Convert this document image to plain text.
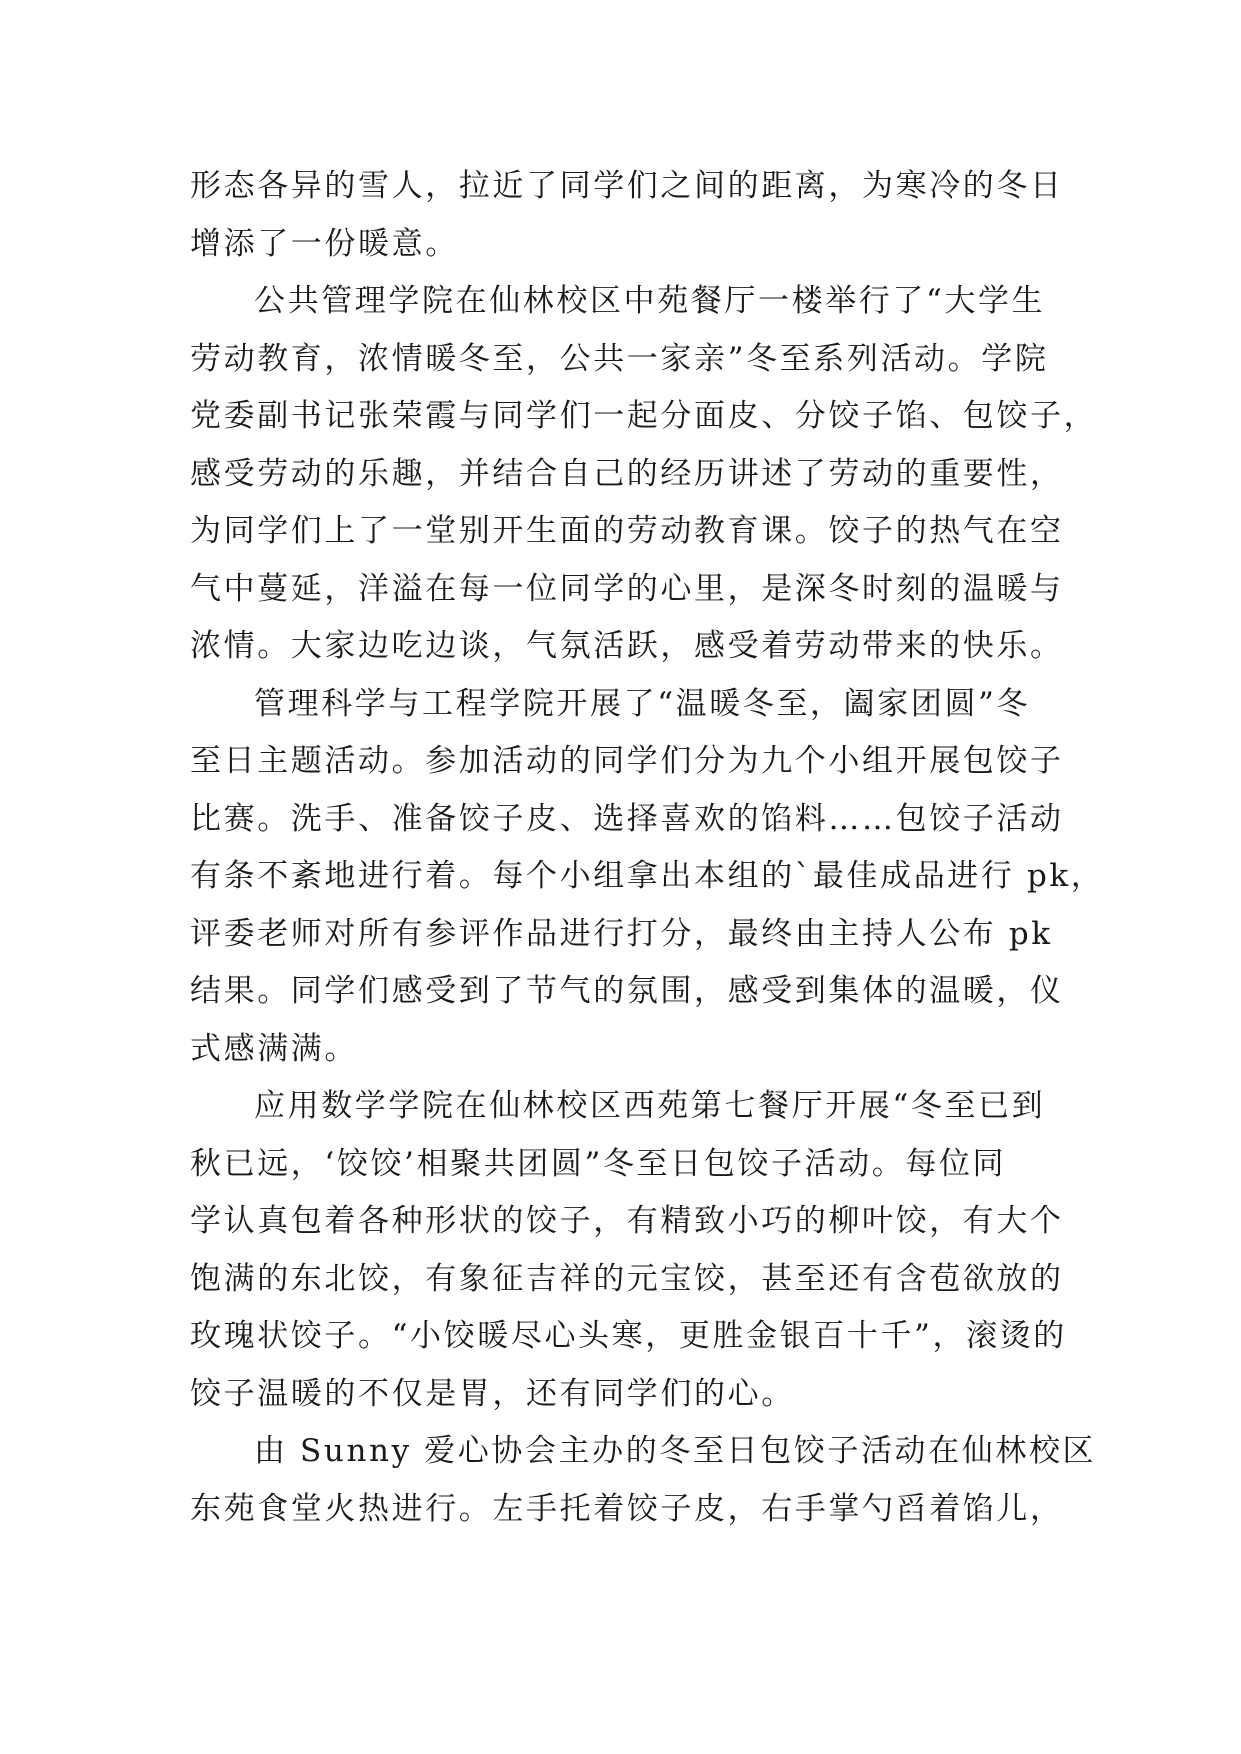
形态各异的雪人，拉近了同学们之间的距离，为寒冷的冬日
增添了一份暖意。
公共管理学院在仙林校区中苑餐厅一楼举行了“大学生
劳动教育，浓情暖冬至，公共一家亲”冬至系列活动。学院
党委副书记张荣霞与同学们一起分面皮、分饺子馅、包饺子，
感受劳动的乐趣，并结合自己的经历讲述了劳动的重要性，
为同学们上了一堂别开生面的劳动教育课。饺子的热气在空
气中蔓延，洋溢在每一位同学的心里，是深冬时刻的温暖与
浓情。大家边吃边谈，气氛活跃，感受着劳动带来的快乐。
管理科学与工程学院开展了“温暖冬至，阖家团圆”冬
至日主题活动。参加活动的同学们分为九个小组开展包饺子
比赛。洗手、准备饺子皮、选择喜欢的馅料……包饺子活动
有条不紊地进行着。每个小组拿出本组的`最佳成品进行 pk，
评委老师对所有参评作品进行打分，最终由主持人公布 pk
结果。同学们感受到了节气的氛围，感受到集体的温暖，仪
式感满满。
应用数学学院在仙林校区西苑第七餐厅开展“冬至已到
秋已远，‘饺饺’相聚共团圆”冬至日包饺子活动。每位同
学认真包着各种形状的饺子，有精致小巧的柳叶饺，有大个
饱满的东北饺，有象征吉祥的元宝饺，甚至还有含苞欲放的
玫瑰状饺子。“小饺暖尽心头寒，更胜金银百十千”，滚烫的
饺子温暖的不仅是胃，还有同学们的心。
由 Sunny 爱心协会主办的冬至日包饺子活动在仙林校区
东苑食堂火热进行。左手托着饺子皮，右手掌勺舀着馅儿，
